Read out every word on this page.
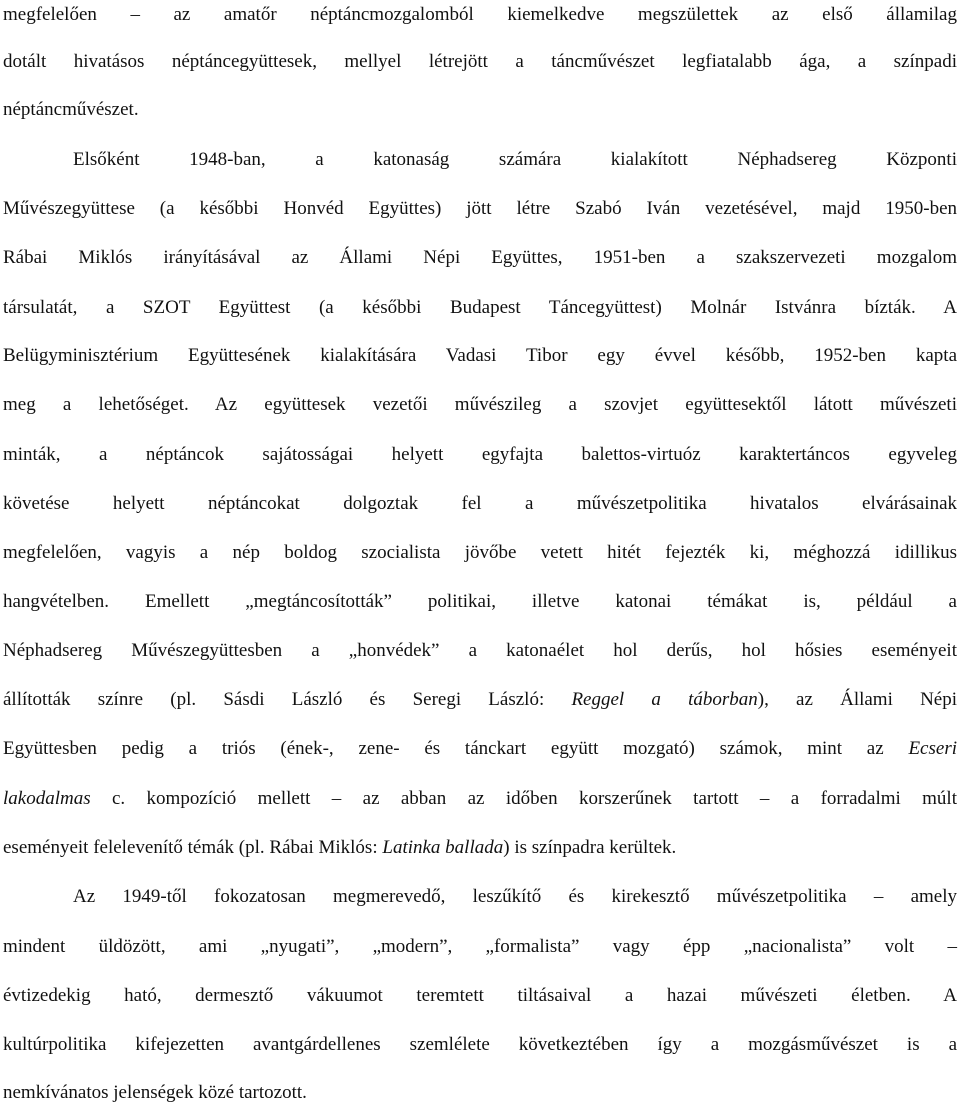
megfelelően – az amatőr néptáncmozgalomból kiemelkedve megszülettek az első államilag
dotált hivatásos néptáncegyüttesek, mellyel létrejött a táncművészet legfiatalabb ága, a színpadi
néptáncművészet.
Elsőként 1948-ban, a katonaság számára kialakított Néphadsereg Központi
Művészegyüttese (a későbbi Honvéd Együttes) jött létre Szabó Iván vezetésével, majd 1950-ben
Rábai Miklós irányításával az Állami Népi Együttes, 1951-ben a szakszervezeti mozgalom
társulatát, a SZOT Együttest (a későbbi Budapest Táncegyüttest) Molnár Istvánra bízták. A
Belügyminisztérium Együttesének kialakítására Vadasi Tibor egy évvel később, 1952-ben kapta
meg a lehetőséget. Az együttesek vezetői művészileg a szovjet együttesektől látott művészeti
minták, a néptáncok sajátosságai helyett egyfajta balettos-virtuóz karaktertáncos egyveleg
követése helyett néptáncokat dolgoztak fel a művészetpolitika hivatalos elvárásainak
megfelelően, vagyis a nép boldog szocialista jövőbe vetett hitét fejezték ki, méghozzá idillikus
hangvételben. Emellett „megtáncosították” politikai, illetve katonai témákat is, például a
Néphadsereg Művészegyüttesben a „honvédek” a katonaélet hol derűs, hol hősies eseményeit
állították színre (pl. Sásdi László és Seregi László: Reggel a táborban), az Állami Népi
Együttesben pedig a triós (ének-, zene- és tánckart együtt mozgató) számok, mint az Ecseri
lakodalmas c. kompozíció mellett – az abban az időben korszerűnek tartott – a forradalmi múlt
eseményeit felelevenítő témák (pl. Rábai Miklós: Latinka ballada) is színpadra kerültek.
Az 1949-től fokozatosan megmerevedő, leszűkítő és kirekesztő művészetpolitika – amely
mindent üldözött, ami „nyugati”, „modern”, „formalista” vagy épp „nacionalista” volt –
évtizedekig ható, dermesztő vákuumot teremtett tiltásaival a hazai művészeti életben. A
kultúrpolitika kifejezetten avantgárdellenes szemlélete következtében így a mozgásművészet is a
nemkívánatos jelenségek közé tartozott.
